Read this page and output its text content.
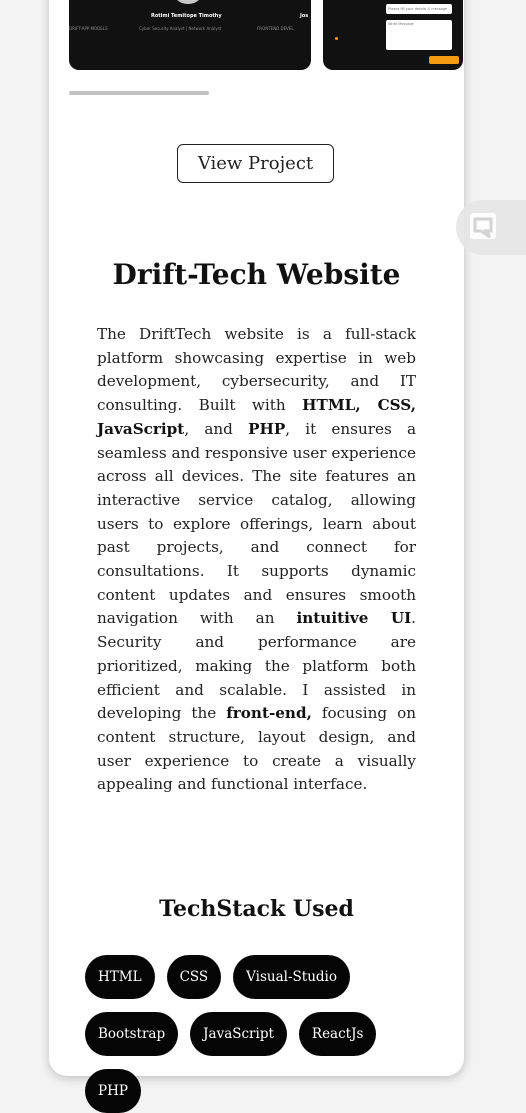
Rotimi Temitope Timothy	Jos
DRIFT-APP MODELS	Cyber Security Analyst | Network Analyst	FRONTEND DEVEL
Please fill your details & message
Write Message
View Project
Drift-Tech Website

The DriftTech website is a full-stack platform showcasing expertise in web development, cybersecurity, and IT consulting. Built with HTML, CSS, JavaScript, and PHP, it ensures a seamless and responsive user experience across all devices. The site features an interactive service catalog, allowing users to explore offerings, learn about past projects, and connect for consultations. It supports dynamic content updates and ensures smooth navigation with an intuitive UI. Security and performance are prioritized, making the platform both efficient and scalable. I assisted in developing the front-end, focusing on content structure, layout design, and user experience to create a visually appealing and functional interface.

TechStack Used
HTML	CSS	Visual-Studio
Bootstrap	JavaScript	ReactJs
PHP
